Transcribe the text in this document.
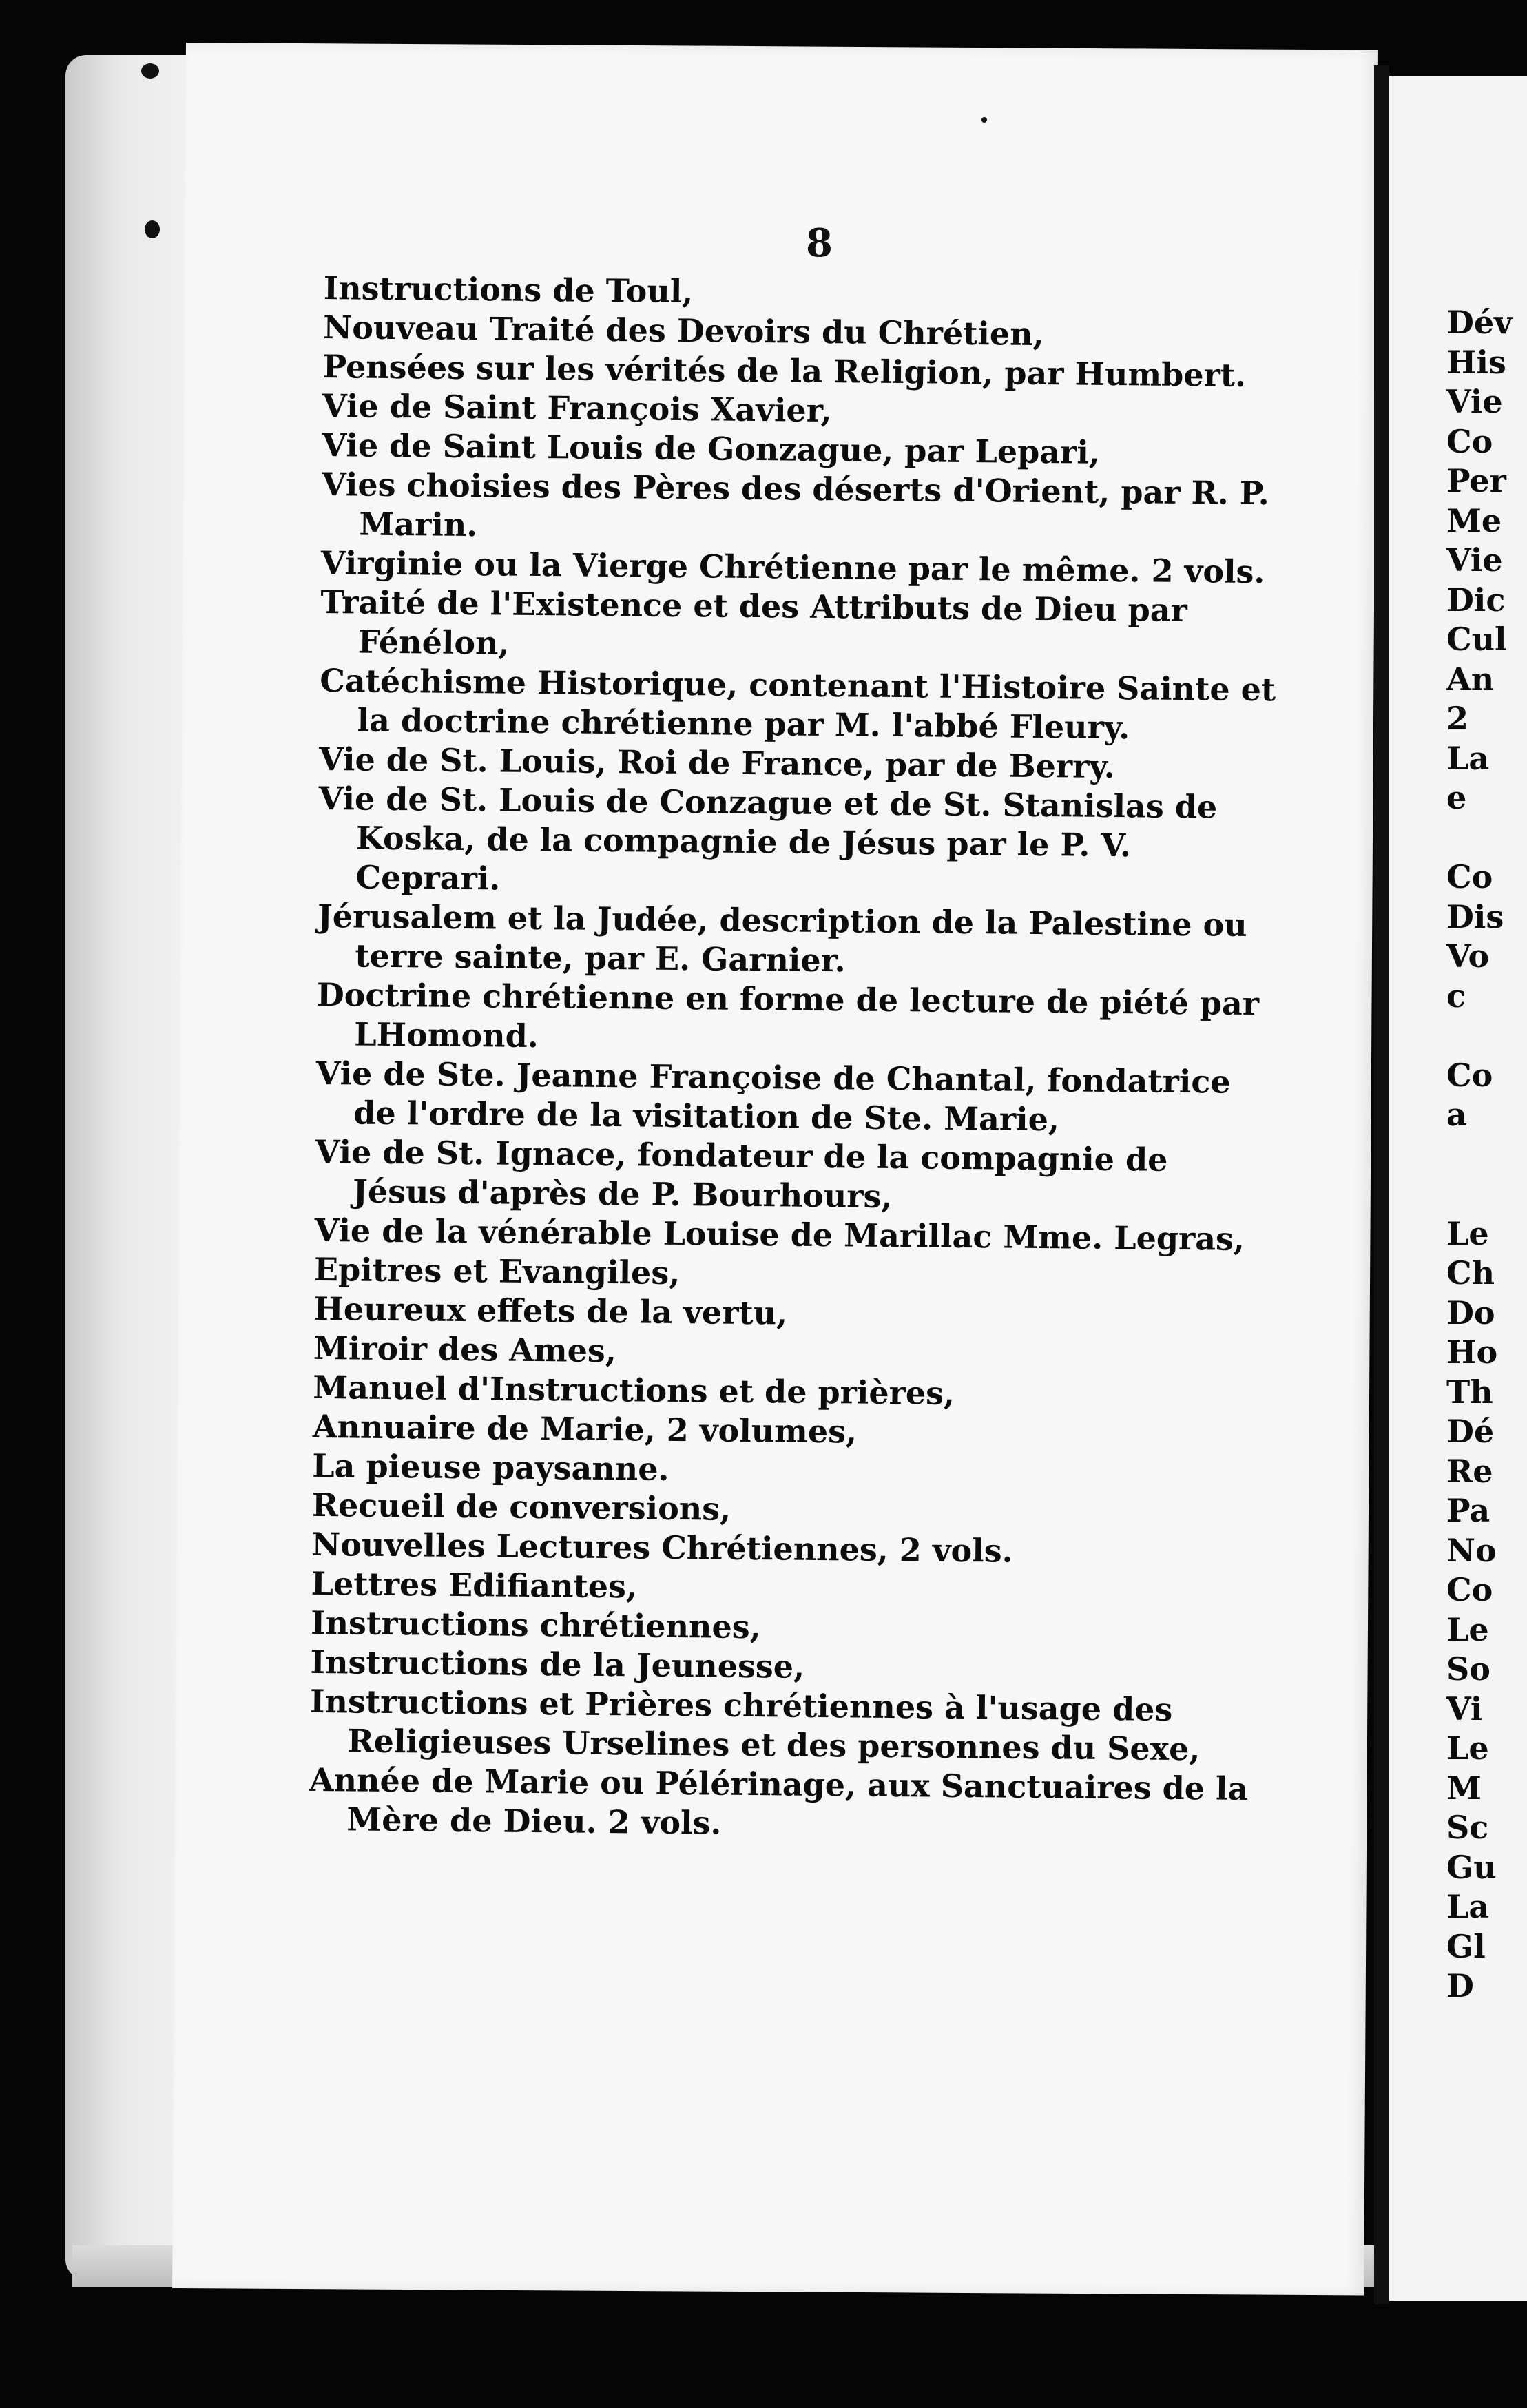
8

Instructions de Toul,

Nouveau Traité des Devoirs du Chrétien,

Pensées sur les vérités de la Religion, par Humbert.

Vie de Saint François Xavier,

Vie de Saint Louis de Gonzague, par Lepari,

Vies choisies des Pères des déserts d'Orient, par R. P. Marin.

Virginie ou la Vierge Chrétienne par le même. 2 vols.

Traité de l'Existence et des Attributs de Dieu par Fénélon,

Catéchisme Historique, contenant l'Histoire Sainte et la doctrine chrétienne par M. l'abbé Fleury.

Vie de St. Louis, Roi de France, par de Berry.

Vie de St. Louis de Conzague et de St. Stanislas de Koska, de la compagnie de Jésus par le P. V. Ceprari.

Jérusalem et la Judée, description de la Palestine ou terre sainte, par E. Garnier.

Doctrine chrétienne en forme de lecture de piété par LHomond.

Vie de Ste. Jeanne Françoise de Chantal, fondatrice de l'ordre de la visitation de Ste. Marie,

Vie de St. Ignace, fondateur de la compagnie de Jésus d'après de P. Bourhours,

Vie de la vénérable Louise de Marillac Mme. Legras,

Epitres et Evangiles,

Heureux effets de la vertu,

Miroir des Ames,

Manuel d'Instructions et de prières,

Annuaire de Marie, 2 volumes,

La pieuse paysanne.

Recueil de conversions,

Nouvelles Lectures Chrétiennes, 2 vols.

Lettres Edifiantes,

Instructions chrétiennes,

Instructions de la Jeunesse,

Instructions et Prières chrétiennes à l'usage des Religieuses Urselines et des personnes du Sexe,

Année de Marie ou Pélérinage, aux Sanctuaires de la Mère de Dieu. 2 vols.

Dév
His
Vie
Co
Per
Me
Vie
Dic
Cul
An
2
La
e
Co
Dis
Vo
c
Co
a
Le
Ch
Do
Ho
Th
Dé
Re
Pa
No
Co
Le
So
Vi
Le
M
Sc
Gu
La
Gl
D
